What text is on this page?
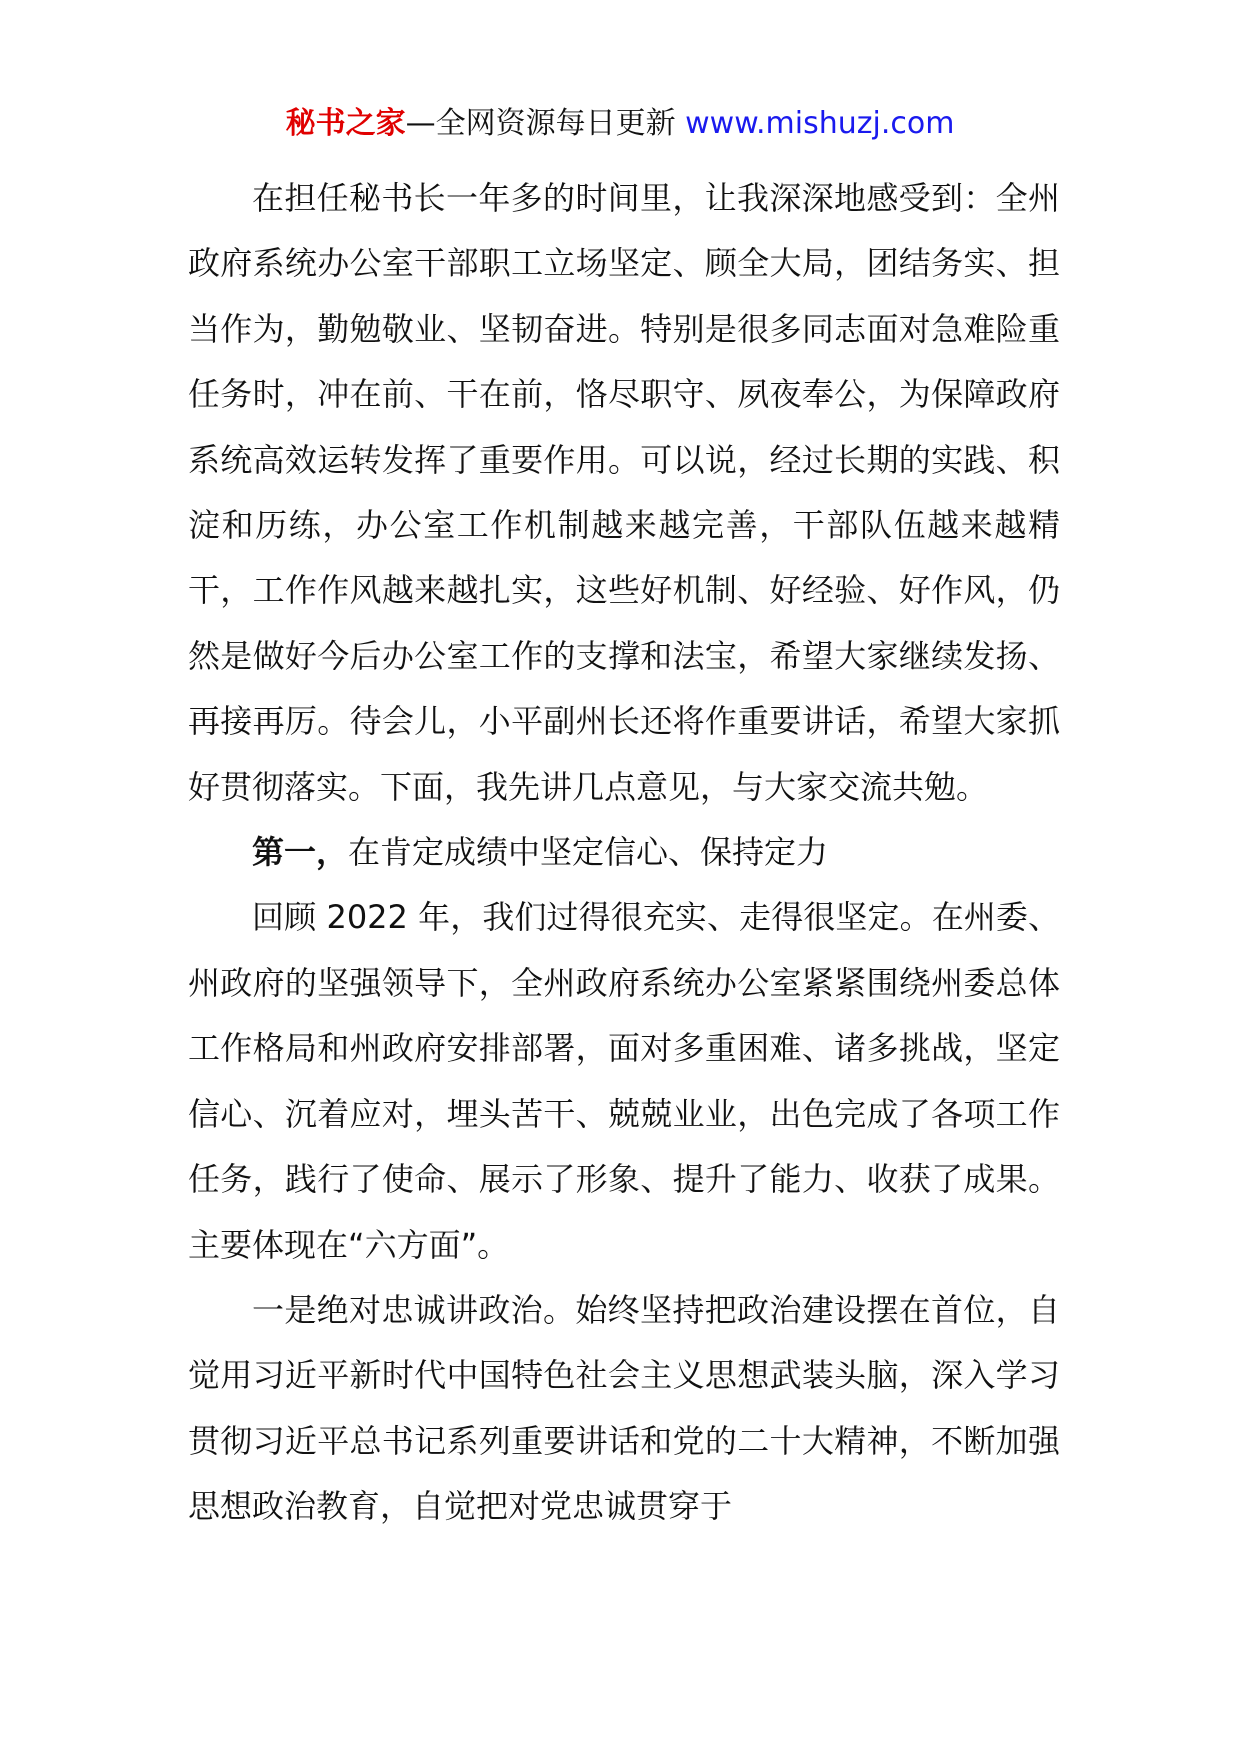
秘书之家—全网资源每日更新 www.mishuzj.com

在担任秘书长一年多的时间里，让我深深地感受到：全州政府系统办公室干部职工立场坚定、顾全大局，团结务实、担当作为，勤勉敬业、坚韧奋进。特别是很多同志面对急难险重任务时，冲在前、干在前，恪尽职守、夙夜奉公，为保障政府系统高效运转发挥了重要作用。可以说，经过长期的实践、积淀和历练，办公室工作机制越来越完善，干部队伍越来越精干，工作作风越来越扎实，这些好机制、好经验、好作风，仍然是做好今后办公室工作的支撑和法宝，希望大家继续发扬、再接再厉。待会儿，小平副州长还将作重要讲话，希望大家抓好贯彻落实。下面，我先讲几点意见，与大家交流共勉。

第一，在肯定成绩中坚定信心、保持定力

回顾 2022 年，我们过得很充实、走得很坚定。在州委、州政府的坚强领导下，全州政府系统办公室紧紧围绕州委总体工作格局和州政府安排部署，面对多重困难、诸多挑战，坚定信心、沉着应对，埋头苦干、兢兢业业，出色完成了各项工作任务，践行了使命、展示了形象、提升了能力、收获了成果。主要体现在“六方面”。

一是绝对忠诚讲政治。始终坚持把政治建设摆在首位，自觉用习近平新时代中国特色社会主义思想武装头脑，深入学习贯彻习近平总书记系列重要讲话和党的二十大精神，不断加强思想政治教育，自觉把对党忠诚贯穿于
